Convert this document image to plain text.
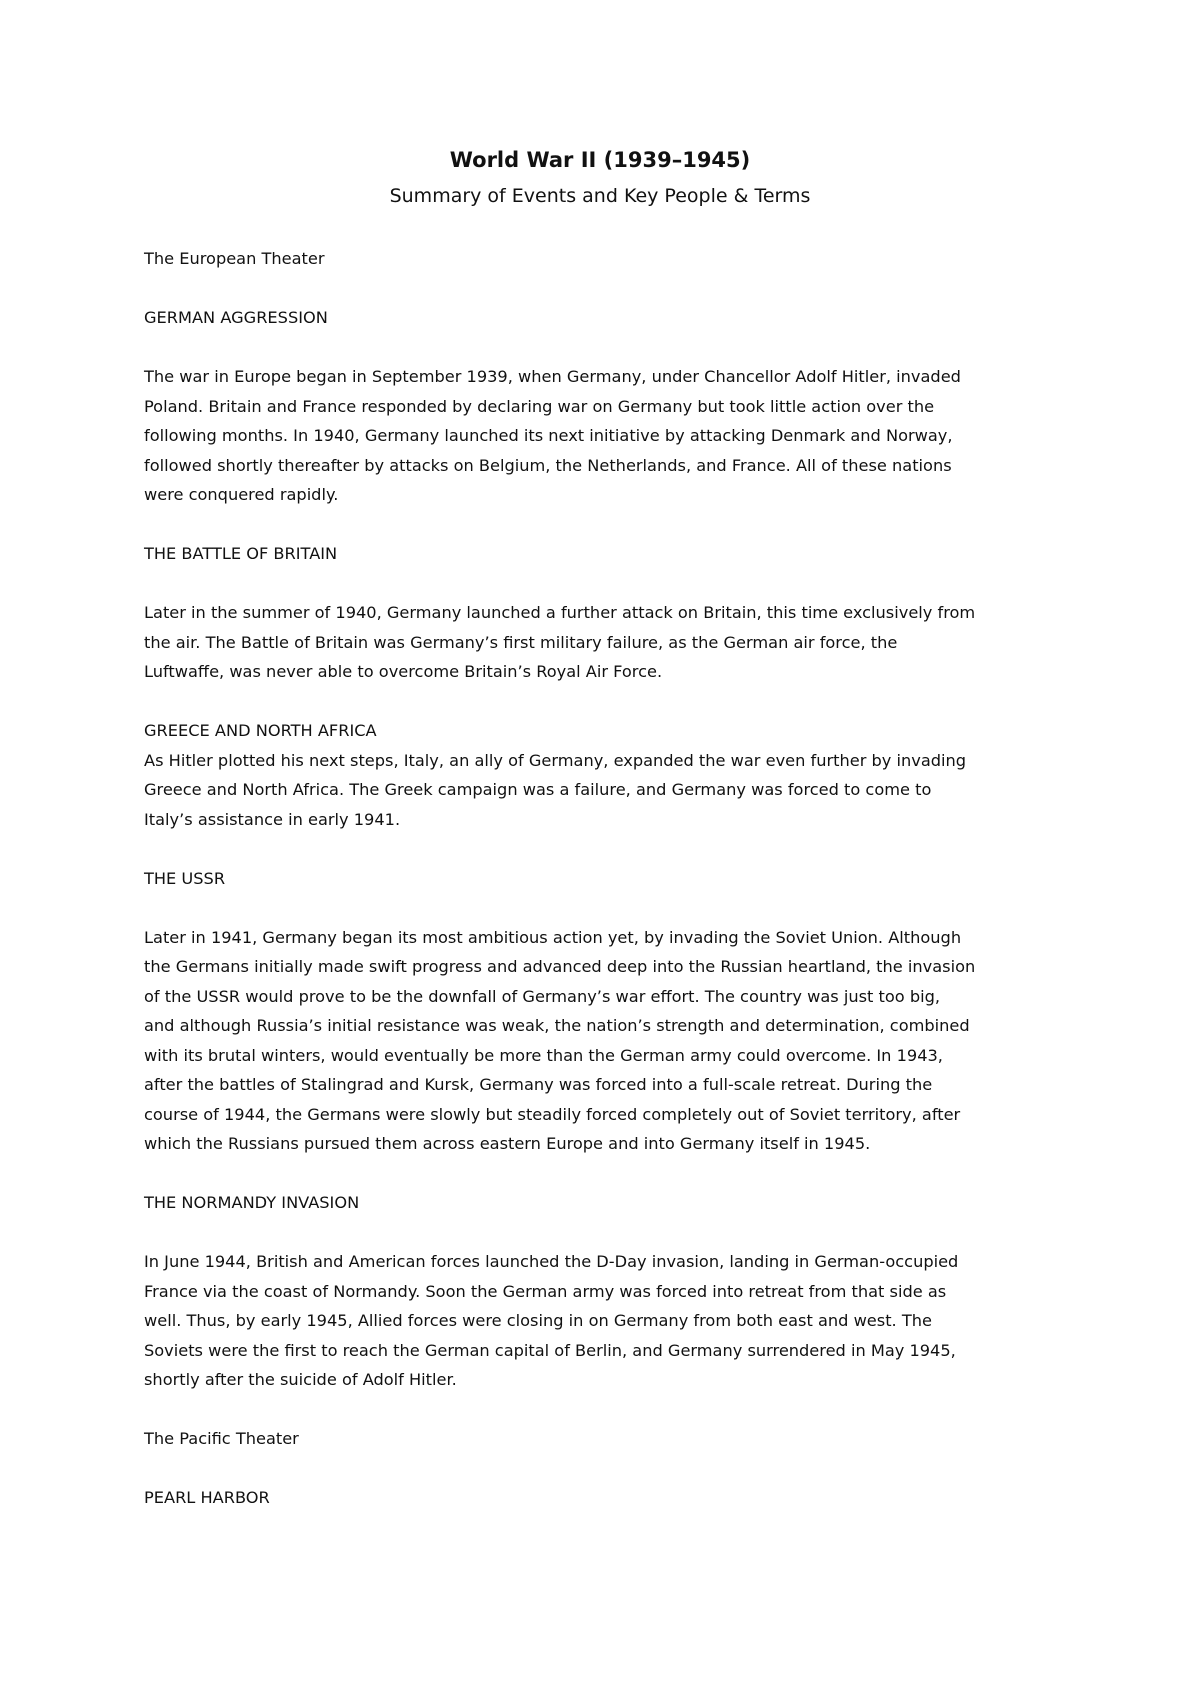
World War II (1939–1945)
Summary of Events and Key People & Terms
The European Theater
GERMAN AGGRESSION
The war in Europe began in September 1939, when Germany, under Chancellor Adolf Hitler, invaded
Poland. Britain and France responded by declaring war on Germany but took little action over the
following months. In 1940, Germany launched its next initiative by attacking Denmark and Norway,
followed shortly thereafter by attacks on Belgium, the Netherlands, and France. All of these nations
were conquered rapidly.
THE BATTLE OF BRITAIN
Later in the summer of 1940, Germany launched a further attack on Britain, this time exclusively from
the air. The Battle of Britain was Germany’s first military failure, as the German air force, the
Luftwaffe, was never able to overcome Britain’s Royal Air Force.
GREECE AND NORTH AFRICA
As Hitler plotted his next steps, Italy, an ally of Germany, expanded the war even further by invading
Greece and North Africa. The Greek campaign was a failure, and Germany was forced to come to
Italy’s assistance in early 1941.
THE USSR
Later in 1941, Germany began its most ambitious action yet, by invading the Soviet Union. Although
the Germans initially made swift progress and advanced deep into the Russian heartland, the invasion
of the USSR would prove to be the downfall of Germany’s war effort. The country was just too big,
and although Russia’s initial resistance was weak, the nation’s strength and determination, combined
with its brutal winters, would eventually be more than the German army could overcome. In 1943,
after the battles of Stalingrad and Kursk, Germany was forced into a full-scale retreat. During the
course of 1944, the Germans were slowly but steadily forced completely out of Soviet territory, after
which the Russians pursued them across eastern Europe and into Germany itself in 1945.
THE NORMANDY INVASION
In June 1944, British and American forces launched the D-Day invasion, landing in German-occupied
France via the coast of Normandy. Soon the German army was forced into retreat from that side as
well. Thus, by early 1945, Allied forces were closing in on Germany from both east and west. The
Soviets were the first to reach the German capital of Berlin, and Germany surrendered in May 1945,
shortly after the suicide of Adolf Hitler.
The Pacific Theater
PEARL HARBOR
